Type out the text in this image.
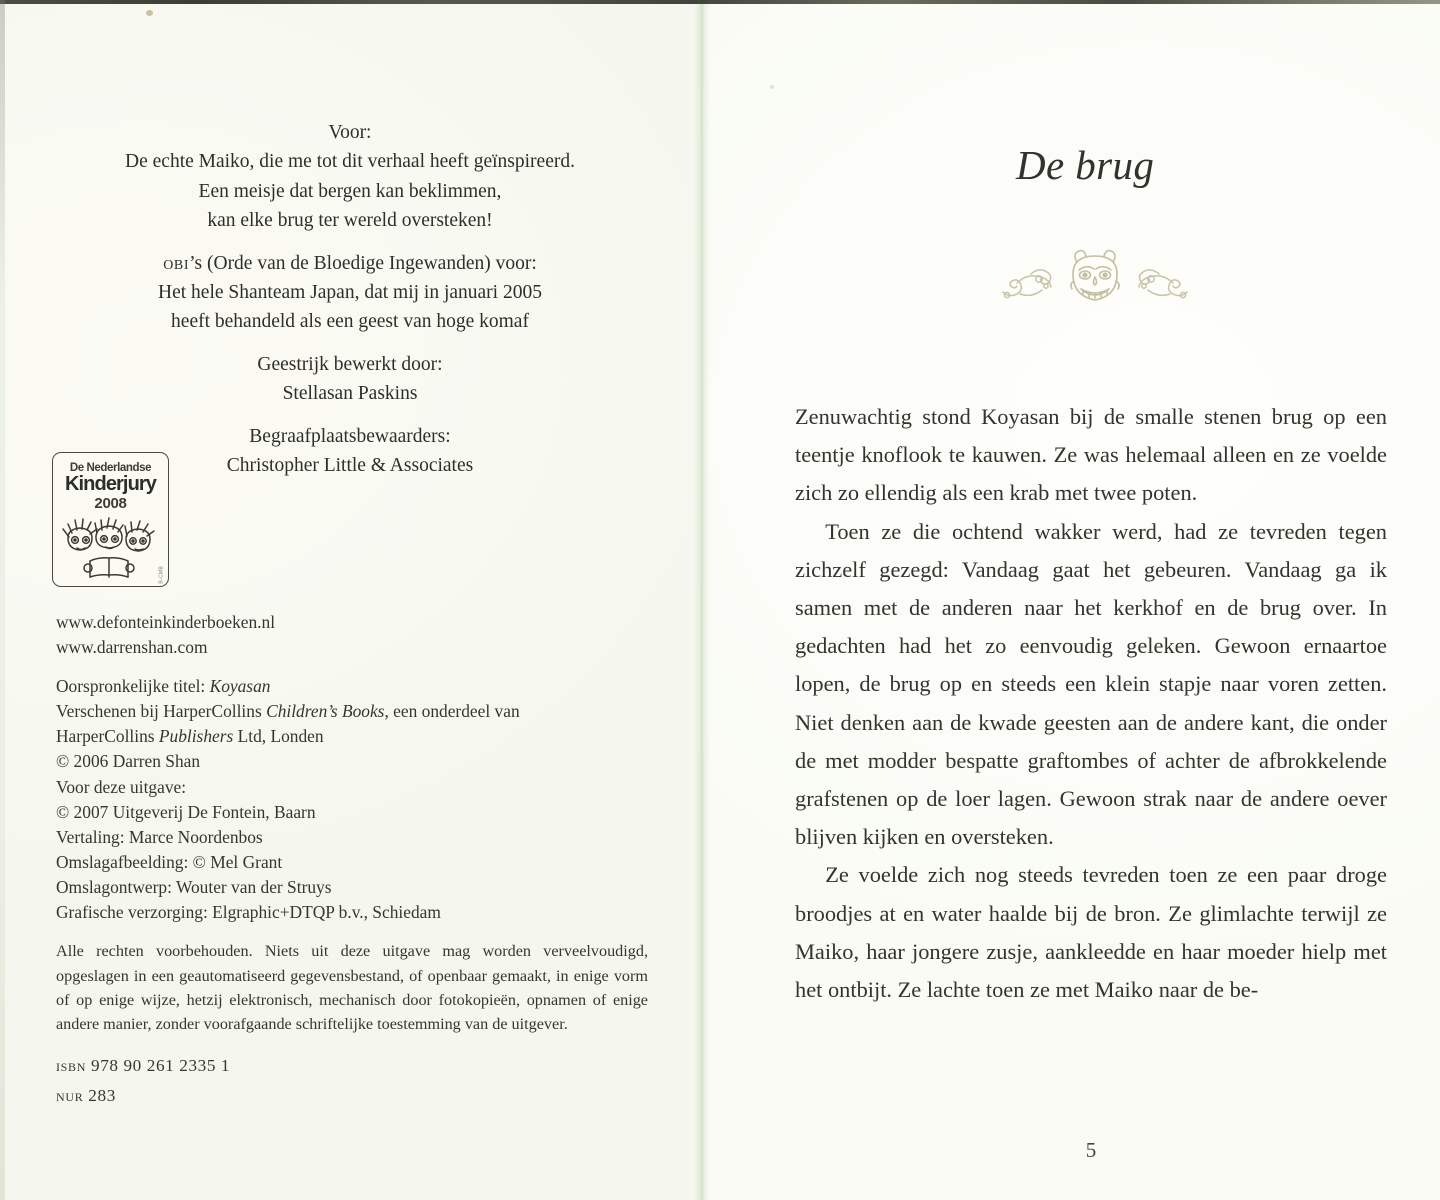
Voor:
De echte Maiko, die me tot dit verhaal heeft geïnspireerd.
Een meisje dat bergen kan beklimmen,
kan elke brug ter wereld oversteken!
obi’s (Orde van de Bloedige Ingewanden) voor:
Het hele Shanteam Japan, dat mij in januari 2005
heeft behandeld als een geest van hoge komaf
Geestrijk bewerkt door:
Stellasan Paskins
Begraafplaatsbewaarders:
Christopher Little & Associates
De Nederlandse
Kinderjury
2008
B-CMB
www.defonteinkinderboeken.nl
www.darrenshan.com
Oorspronkelijke titel: Koyasan
Verschenen bij HarperCollins Children’s Books, een onderdeel van
HarperCollins Publishers Ltd, Londen
© 2006 Darren Shan
Voor deze uitgave:
© 2007 Uitgeverij De Fontein, Baarn
Vertaling: Marce Noordenbos
Omslagafbeelding: © Mel Grant
Omslagontwerp: Wouter van der Struys
Grafische verzorging: Elgraphic+DTQP b.v., Schiedam
Alle rechten voorbehouden. Niets uit deze uitgave mag worden verveelvoudigd, opgeslagen in een geautomatiseerd gegevensbestand, of openbaar gemaakt, in enige vorm of op enige wijze, hetzij elektronisch, mechanisch door fotokopieën, opnamen of enige andere manier, zonder voorafgaande schriftelijke toestemming van de uitgever.
isbn 978 90 261 2335 1
nur 283
De brug

Zenuwachtig stond Koyasan bij de smalle stenen brug op een teentje knoflook te kauwen. Ze was helemaal alleen en ze voelde zich zo ellendig als een krab met twee poten.

Toen ze die ochtend wakker werd, had ze tevreden tegen zichzelf gezegd: Vandaag gaat het gebeuren. Vandaag ga ik samen met de anderen naar het kerkhof en de brug over. In gedachten had het zo eenvoudig geleken. Gewoon ernaartoe lopen, de brug op en steeds een klein stapje naar voren zetten. Niet denken aan de kwade geesten aan de andere kant, die onder de met modder bespatte graftombes of achter de afbrokkelende grafstenen op de loer lagen. Gewoon strak naar de andere oever blijven kijken en oversteken.

Ze voelde zich nog steeds tevreden toen ze een paar droge broodjes at en water haalde bij de bron. Ze glimlachte terwijl ze Maiko, haar jongere zusje, aankleedde en haar moeder hielp met het ontbijt. Ze lachte toen ze met Maiko naar de be-

5
